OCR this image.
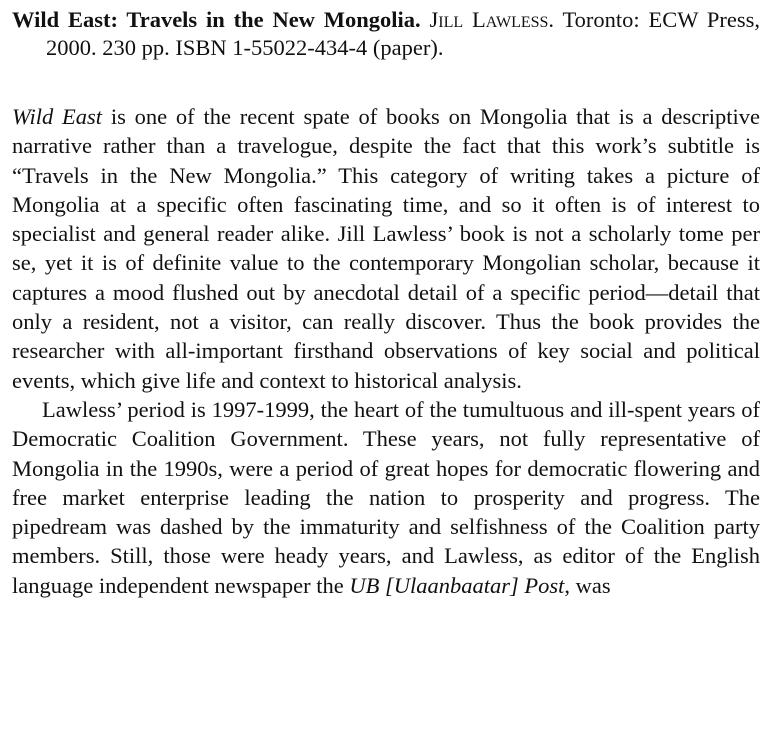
Wild East: Travels in the New Mongolia. Jill Lawless. Toronto: ECW Press, 2000. 230 pp. ISBN 1-55022-434-4 (paper).

Wild East is one of the recent spate of books on Mongolia that is a descriptive narrative rather than a travelogue, despite the fact that this work’s subtitle is “Travels in the New Mongolia.” This category of writing takes a picture of Mongolia at a specific often fascinating time, and so it often is of interest to specialist and general reader alike. Jill Lawless’ book is not a scholarly tome per se, yet it is of definite value to the contemporary Mongolian scholar, because it captures a mood flushed out by anecdotal detail of a specific period—detail that only a resident, not a visitor, can really discover. Thus the book provides the researcher with all-important firsthand observations of key social and political events, which give life and context to historical analysis.

Lawless’ period is 1997-1999, the heart of the tumultuous and ill-spent years of Democratic Coalition Government. These years, not fully representative of Mongolia in the 1990s, were a period of great hopes for democratic flowering and free market enterprise leading the nation to prosperity and progress. The pipedream was dashed by the immaturity and selfishness of the Coalition party members. Still, those were heady years, and Lawless, as editor of the English language independent newspaper the UB [Ulaanbaatar] Post, was
